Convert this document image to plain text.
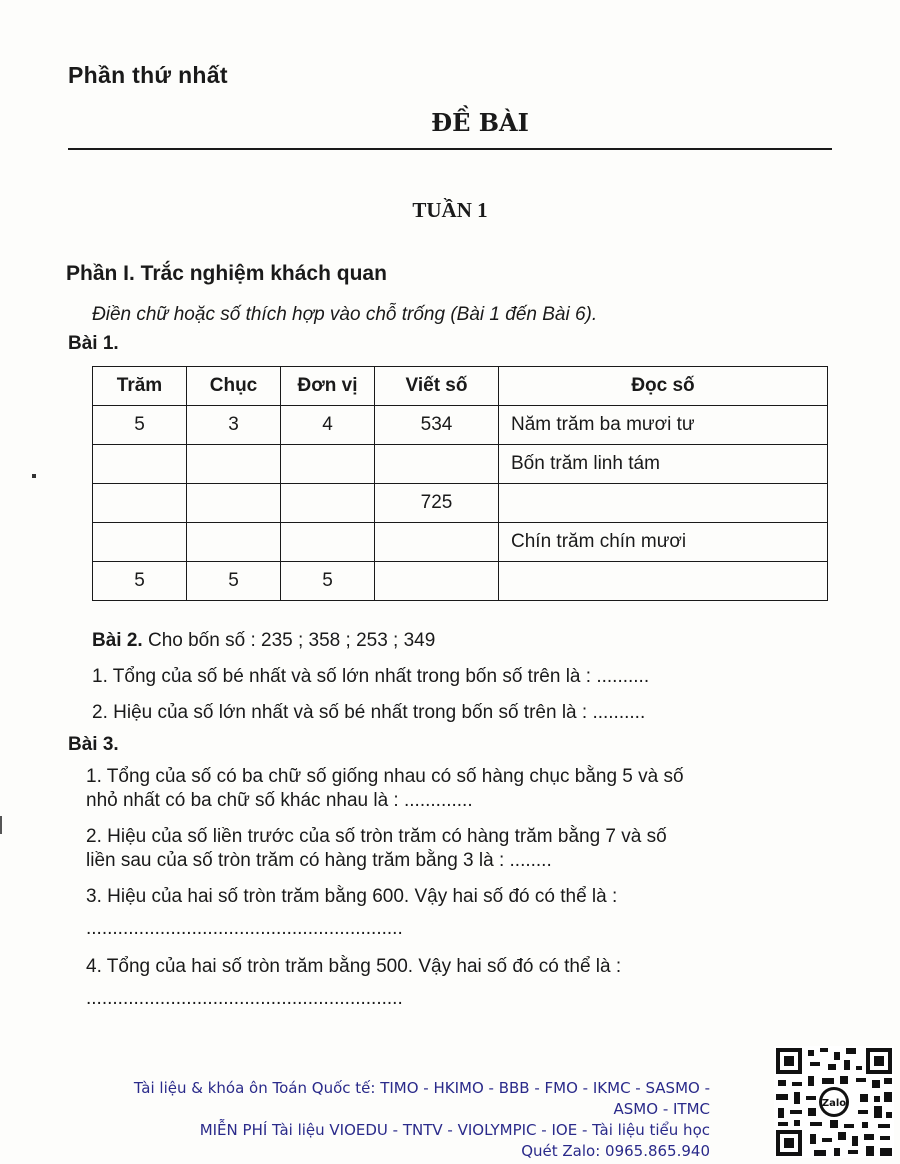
Phần thứ nhất
ĐỀ BÀI
TUẦN 1
Phần I. Trắc nghiệm khách quan
Điền chữ hoặc số thích hợp vào chỗ trống (Bài 1 đến Bài 6).
Bài 1.
Trăm	Chục	Đơn vị	Viết số	Đọc số
5	3	4	534	Năm trăm ba mươi tư
				Bốn trăm linh tám
			725	
				Chín trăm chín mươi
5	5	5		
Bài 2. Cho bốn số : 235 ; 358 ; 253 ; 349
1. Tổng của số bé nhất và số lớn nhất trong bốn số trên là : ..........
2. Hiệu của số lớn nhất và số bé nhất trong bốn số trên là : ..........
Bài 3.
1. Tổng của số có ba chữ số giống nhau có số hàng chục bằng 5 và số
nhỏ nhất có ba chữ số khác nhau là : .............
2. Hiệu của số liền trước của số tròn trăm có hàng trăm bằng 7 và số
liền sau của số tròn trăm có hàng trăm bằng 3 là : ........
3. Hiệu của hai số tròn trăm bằng 600. Vậy hai số đó có thể là :
............................................................
4. Tổng của hai số tròn trăm bằng 500. Vậy hai số đó có thể là :
............................................................
Tài liệu & khóa ôn Toán Quốc tế: TIMO - HKIMO - BBB - FMO - IKMC - SASMO -
ASMO - ITMC
MIỄN PHÍ Tài liệu VIOEDU - TNTV - VIOLYMPIC - IOE - Tài liệu tiểu học
Quét Zalo: 0965.865.940
Zalo
